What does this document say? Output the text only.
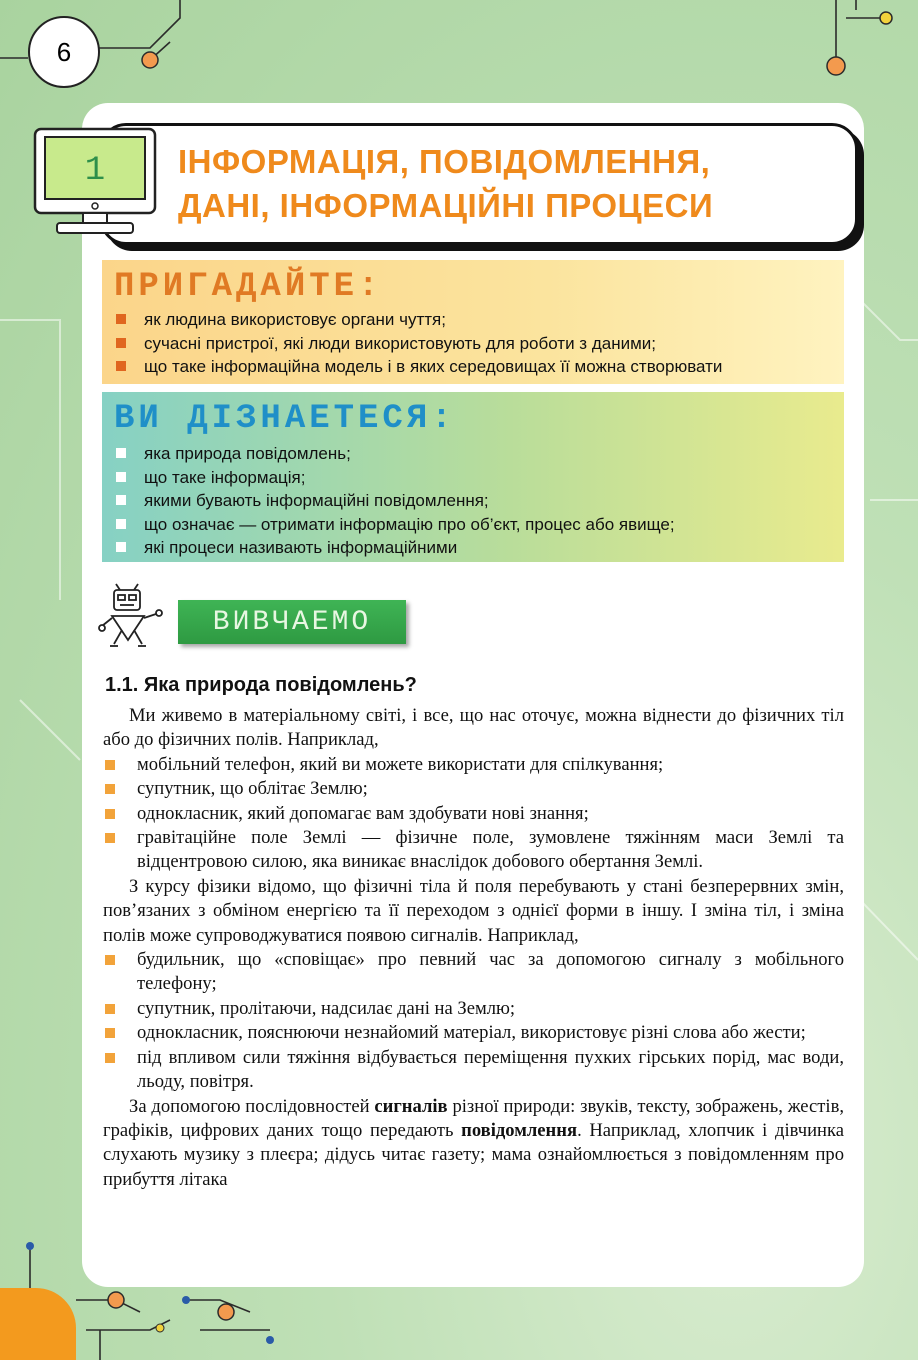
6
1 ІНФОРМАЦІЯ, ПОВІДОМЛЕННЯ,
ДАНІ, ІНФОРМАЦІЙНІ ПРОЦЕСИ
ПРИГАДАЙТЕ:
як людина використовує органи чуття;
сучасні пристрої, які люди використовують для роботи з даними;
що таке інформаційна модель і в яких середовищах її можна створювати
ВИ ДІЗНАЕТЕСЯ:
яка природа повідомлень;
що таке інформація;
якими бувають інформаційні повідомлення;
що означає — отримати інформацію про об’єкт, процес або явище;
які процеси називають інформаційними
ВИВЧАЕМО
1.1. Яка природа повідомлень?

Ми живемо в матеріальному світі, і все, що нас оточує, можна віднести до фізичних тіл або до фізичних полів. Наприклад,

мобільний телефон, який ви можете використати для спілкування;
супутник, що облітає Землю;
однокласник, який допомагає вам здобувати нові знання;
гравітаційне поле Землі — фізичне поле, зумовлене тяжінням маси Землі та відцентровою силою, яка виникає внаслідок добового обертання Землі.

З курсу фізики відомо, що фізичні тіла й поля перебувають у стані безперервних змін, пов’язаних з обміном енергією та її переходом з однієї форми в іншу. І зміна тіл, і зміна полів може супроводжуватися появою сигналів. Наприклад,

будильник, що «сповіщає» про певний час за допомогою сигналу з мобільного телефону;
супутник, пролітаючи, надсилає дані на Землю;
однокласник, пояснюючи незнайомий матеріал, використовує різні слова або жести;
під впливом сили тяжіння відбувається переміщення пухких гірських порід, мас води, льоду, повітря.

За допомогою послідовностей сигналів різної природи: звуків, тексту, зображень, жестів, графіків, цифрових даних тощо передають повідомлення. Наприклад, хлопчик і дівчинка слухають музику з плеєра; дідусь читає газету; мама ознайомлюється з повідомленням про прибуття літака
